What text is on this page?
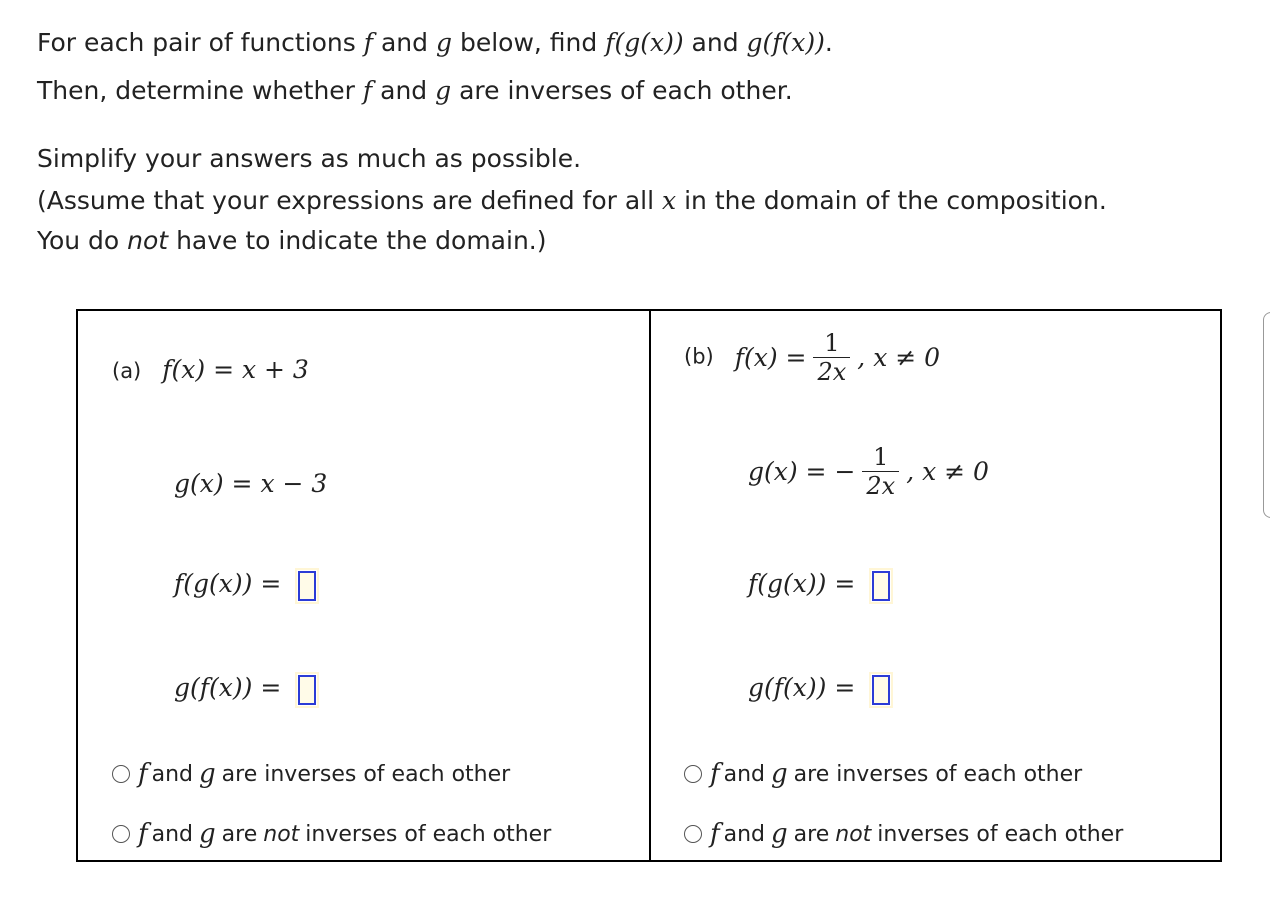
For each pair of functions f and g below, find f(g(x)) and g(f(x)).
Then, determine whether f and g are inverses of each other.
Simplify your answers as much as possible.
(Assume that your expressions are defined for all x in the domain of the composition.
You do not have to indicate the domain.)
(a) f(x) = x + 3
g(x) = x − 3
f(g(x)) =
g(f(x)) =
f and g are inverses of each other
f and g are not inverses of each other
(b) $f(x) = \frac{1}{2x}$ , x ≠ 0
g(x) = − $\frac{1}{2x}$ , x ≠ 0
f(g(x)) =
g(f(x)) =
f and g are inverses of each other
f and g are not inverses of each other
